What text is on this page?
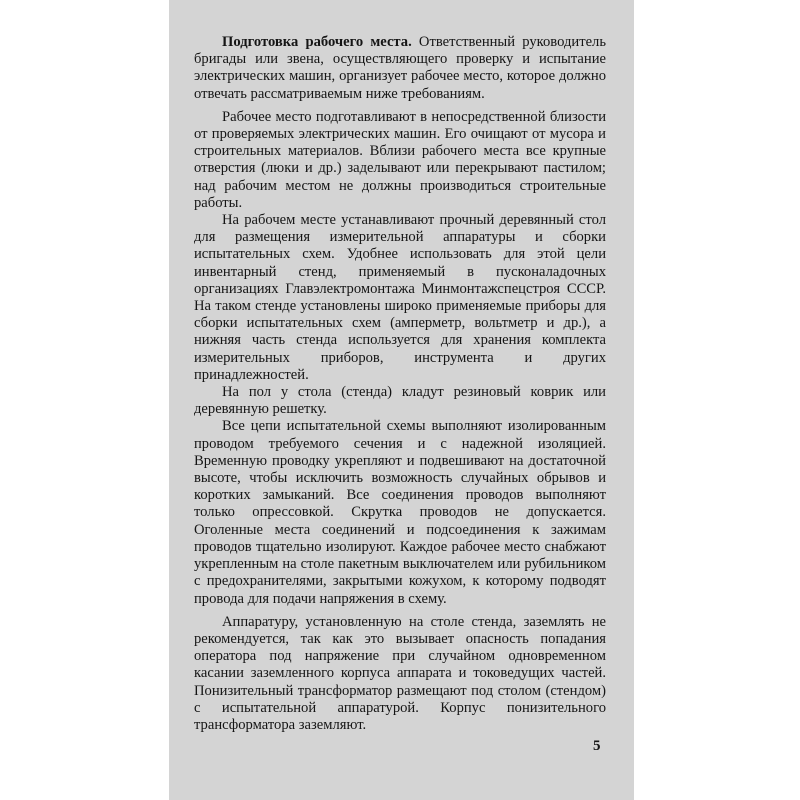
Подготовка рабочего места. Ответственный руководитель бригады или звена, осуществляющего проверку и испытание электрических машин, организует рабочее место, которое должно отвечать рассматриваемым ниже требованиям.

Рабочее место подготавливают в непосредственной близости от проверяемых электрических машин. Его очищают от мусора и строительных материалов. Вблизи рабочего места все крупные отверстия (люки и др.) заделывают или перекрывают пастилом; над рабочим местом не должны производиться строительные работы.

На рабочем месте устанавливают прочный деревянный стол для размещения измерительной аппаратуры и сборки испытательных схем. Удобнее использовать для этой цели инвентарный стенд, применяемый в пусконаладочных организациях Главэлектромонтажа Минмонтажспецстроя СССР. На таком стенде установлены широко применяемые приборы для сборки испытательных схем (амперметр, вольтметр и др.), а нижняя часть стенда используется для хранения комплекта измерительных приборов, инструмента и других принадлежностей.

На пол у стола (стенда) кладут резиновый коврик или деревянную решетку.

Все цепи испытательной схемы выполняют изолированным проводом требуемого сечения и с надежной изоляцией. Временную проводку укрепляют и подвешивают на достаточной высоте, чтобы исключить возможность случайных обрывов и коротких замыканий. Все соединения проводов выполняют только опрессовкой. Скрутка проводов не допускается. Оголенные места соединений и подсоединения к зажимам проводов тщательно изолируют. Каждое рабочее место снабжают укрепленным на столе пакетным выключателем или рубильником с предохранителями, закрытыми кожухом, к которому подводят провода для подачи напряжения в схему.

Аппаратуру, установленную на столе стенда, заземлять не рекомендуется, так как это вызывает опасность попадания оператора под напряжение при случайном одновременном касании заземленного корпуса аппарата и токоведущих частей. Понизительный трансформатор размещают под столом (стендом) с испытательной аппаратурой. Корпус понизительного трансформатора заземляют.

5
